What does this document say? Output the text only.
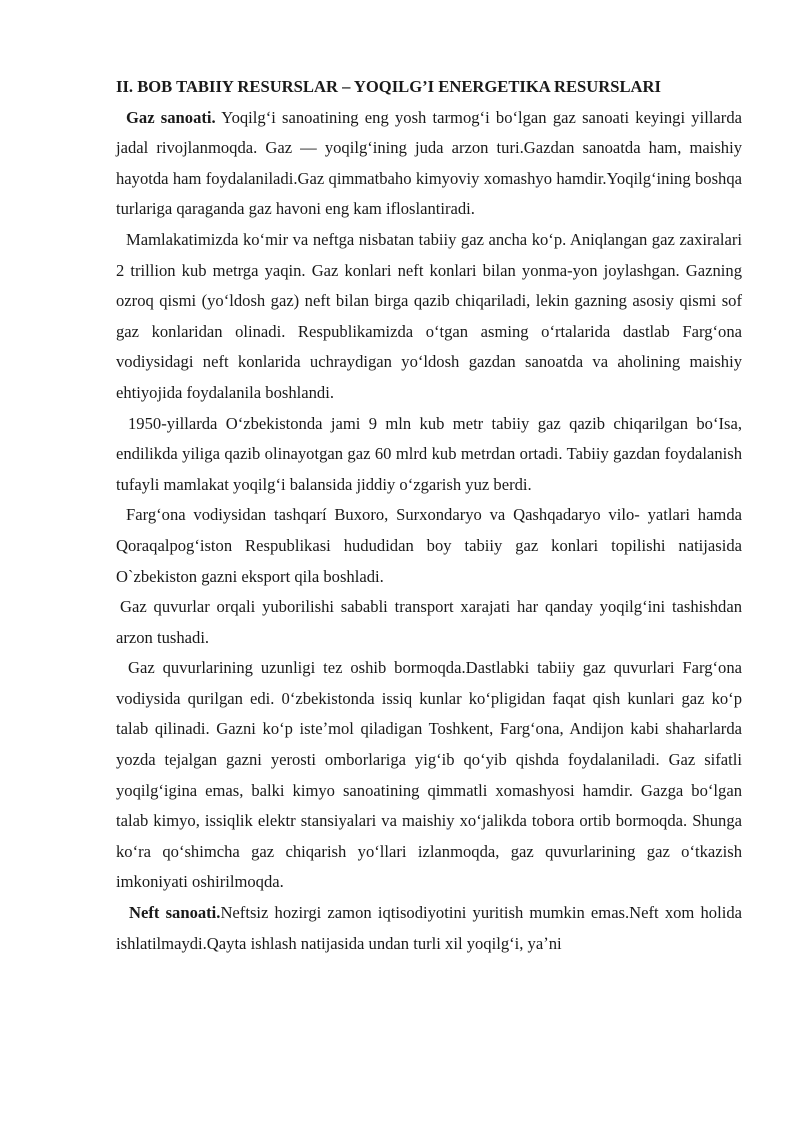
II. BOB TABIIY RESURSLAR – YOQILG’I ENERGETIKA RESURSLARI

Gaz sanoati. Yoqilgʻi sanoatining eng yosh tarmogʻi boʻlgan gaz sanoati keyingi yillarda jadal rivojlanmoqda. Gaz — yoqilgʻining juda arzon turi.Gazdan sanoatda ham, maishiy hayotda ham foydalaniladi.Gaz qimmatbaho kimyoviy xomashyo hamdir.Yoqilgʻining boshqa turlariga qaraganda gaz havoni eng kam ifloslantiradi.

Mamlakatimizda koʻmir va neftga nisbatan tabiiy gaz ancha koʻp. Aniqlangan gaz zaxiralari 2 trillion kub metrga yaqin. Gaz konlari neft konlari bilan yonma-yon joylashgan. Gazning ozroq qismi (yoʻldosh gaz) neft bilan birga qazib chiqariladi, lekin gazning asosiy qismi sof gaz konlaridan olinadi. Respublikamizda oʻtgan asming oʻrtalarida dastlab Fargʻona vodiysidagi neft konlarida uchraydigan yoʻldosh gazdan sanoatda va aholining maishiy ehtiyojida foydalanila boshlandi.

1950-yillarda Oʻzbekistonda jami 9 mln kub metr tabiiy gaz qazib chiqarilgan boʻIsa, endilikda yiliga qazib olinayotgan gaz 60 mlrd kub metrdan ortadi. Tabiiy gazdan foydalanish tufayli mamlakat yoqilgʻi balansida jiddiy oʻzgarish yuz berdi.

Fargʻona vodiysidan tashqarí Buxoro, Surxondaryo va Qashqadaryo vilo- yatlari hamda Qoraqalpogʻiston Respublikasi hududidan boy tabiiy gaz konlari topilishi natijasida O`zbekiston gazni eksport qila boshladi.

Gaz quvurlar orqali yuborilishi sababli transport xarajati har qanday yoqilgʻini tashishdan arzon tushadi.

Gaz quvurlarining uzunligi tez oshib bormoqda.Dastlabki tabiiy gaz quvurlari Fargʻona vodiysida qurilgan edi. 0ʻzbekistonda issiq kunlar koʻpligidan faqat qish kunlari gaz koʻp talab qilinadi. Gazni koʻp isteʼmol qiladigan Toshkent, Fargʻona, Andijon kabi shaharlarda yozda tejalgan gazni yerosti omborlariga yigʻib qoʻyib qishda foydalaniladi. Gaz sifatli yoqilgʻigina emas, balki kimyo sanoatining qimmatli xomashyosi hamdir. Gazga boʻlgan talab kimyo, issiqlik elektr stansiyalari va maishiy xoʻjalikda tobora ortib bormoqda. Shunga koʻra qoʻshimcha gaz chiqarish yoʻllari izlanmoqda, gaz quvurlarining gaz oʻtkazish imkoniyati oshirilmoqda.

Neft sanoati.Neftsiz hozirgi zamon iqtisodiyotini yuritish mumkin emas.Neft xom holida ishlatilmaydi.Qayta ishlash natijasida undan turli xil yoqilgʻi, yaʼni
